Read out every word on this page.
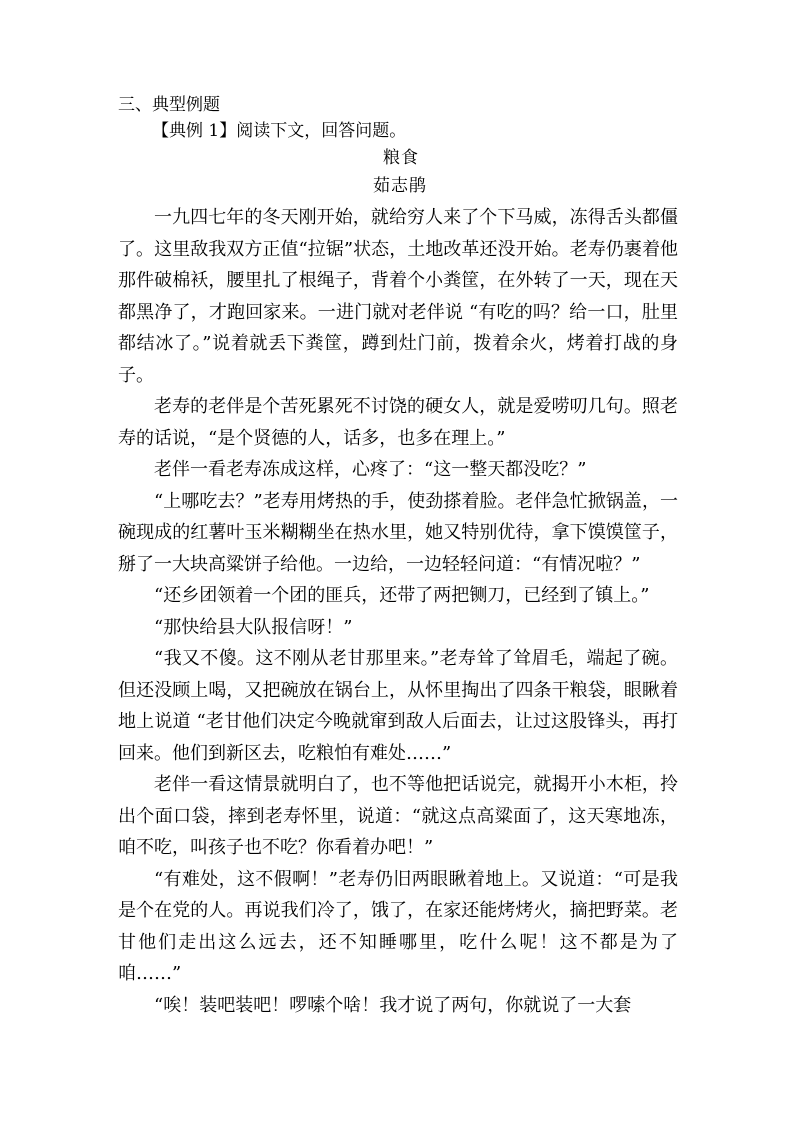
三、典型例题
【典例 1】阅读下文，回答问题。
粮食
茹志鹃

一九四七年的冬天刚开始，就给穷人来了个下马威，冻得舌头都僵了。这里敌我双方正值“拉锯”状态，土地改革还没开始。老寿仍裹着他那件破棉袄，腰里扎了根绳子，背着个小粪筐，在外转了一天，现在天都黑净了，才跑回家来。一进门就对老伴说 “有吃的吗？给一口，肚里都结冰了。”说着就丢下粪筐，蹲到灶门前，拨着余火，烤着打战的身子。

老寿的老伴是个苦死累死不讨饶的硬女人，就是爱唠叨几句。照老寿的话说，“是个贤德的人，话多，也多在理上。”

老伴一看老寿冻成这样，心疼了：“这一整天都没吃？”

“上哪吃去？”老寿用烤热的手，使劲搽着脸。老伴急忙掀锅盖，一碗现成的红薯叶玉米糊糊坐在热水里，她又特别优待，拿下馍馍筐子，掰了一大块高粱饼子给他。一边给，一边轻轻问道：“有情况啦？”

“还乡团领着一个团的匪兵，还带了两把铡刀，已经到了镇上。”

“那快给县大队报信呀！”

“我又不傻。这不刚从老甘那里来。”老寿耸了耸眉毛，端起了碗。但还没顾上喝，又把碗放在锅台上，从怀里掏出了四条干粮袋，眼瞅着地上说道 “老甘他们决定今晚就窜到敌人后面去，让过这股锋头，再打回来。他们到新区去，吃粮怕有难处……”

老伴一看这情景就明白了，也不等他把话说完，就揭开小木柜，拎出个面口袋，摔到老寿怀里，说道：“就这点高粱面了，这天寒地冻，咱不吃，叫孩子也不吃？你看着办吧！”

“有难处，这不假啊！”老寿仍旧两眼瞅着地上。又说道：“可是我是个在党的人。再说我们冷了，饿了，在家还能烤烤火，摘把野菜。老甘他们走出这么远去，还不知睡哪里，吃什么呢！这不都是为了咱……”

“唉！装吧装吧！啰嗦个啥！我才说了两句，你就说了一大套
